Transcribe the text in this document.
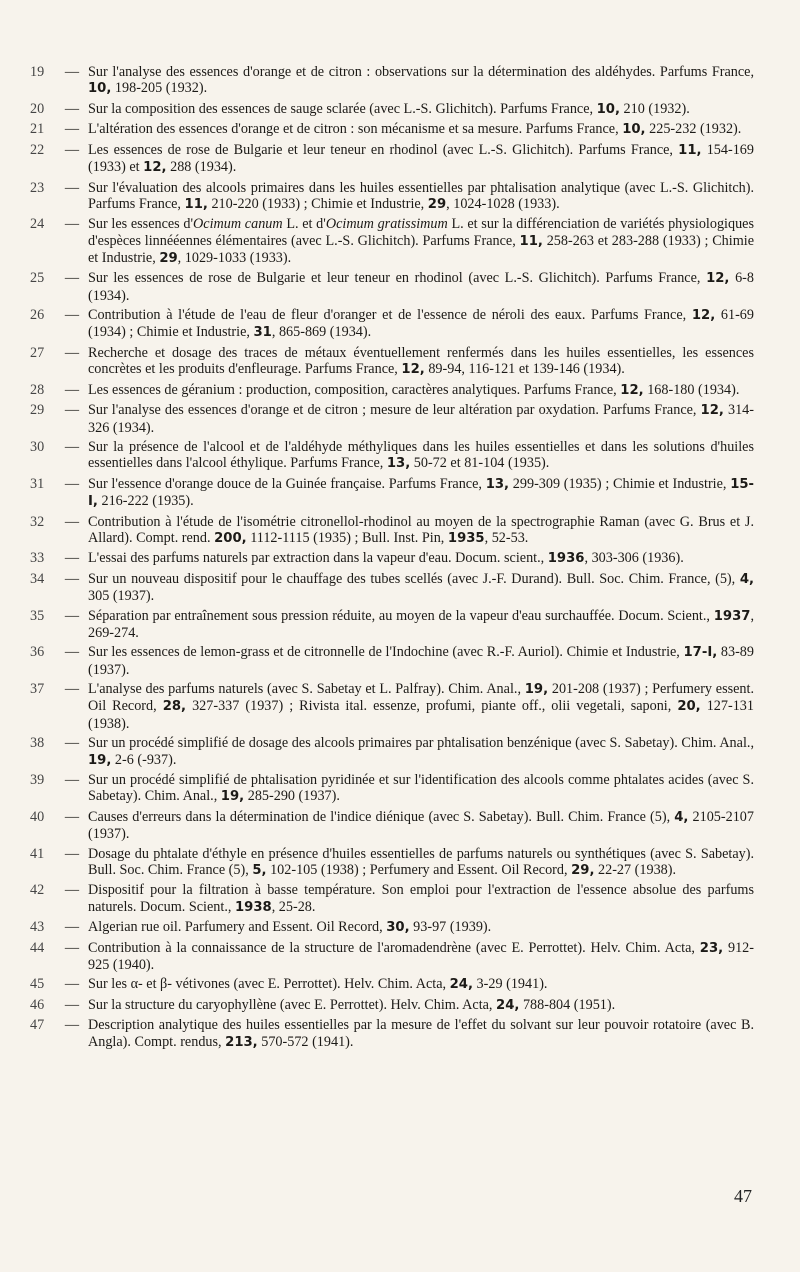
19	— Sur l'analyse des essences d'orange et de citron : observations sur la détermination des aldéhydes. Parfums France, 10, 198-205 (1932).
20	— Sur la composition des essences de sauge sclarée (avec L.-S. Glichitch). Parfums France, 10, 210 (1932).
21	— L'altération des essences d'orange et de citron : son mécanisme et sa mesure. Parfums France, 10, 225-232 (1932).
22	— Les essences de rose de Bulgarie et leur teneur en rhodinol (avec L.-S. Glichitch). Parfums France, 11, 154-169 (1933) et 12, 288 (1934).
23	— Sur l'évaluation des alcools primaires dans les huiles essentielles par phtalisation analytique (avec L.-S. Glichitch). Parfums France, 11, 210-220 (1933) ; Chimie et Industrie, 29, 1024-1028 (1933).
24	— Sur les essences d'Ocimum canum L. et d'Ocimum gratissimum L. et sur la différenciation de variétés physiologiques d'espèces linnééennes élémentaires (avec L.-S. Glichitch). Parfums France, 11, 258-263 et 283-288 (1933) ; Chimie et Industrie, 29, 1029-1033 (1933).
25	— Sur les essences de rose de Bulgarie et leur teneur en rhodinol (avec L.-S. Glichitch). Parfums France, 12, 6-8 (1934).
26	— Contribution à l'étude de l'eau de fleur d'oranger et de l'essence de néroli des eaux. Parfums France, 12, 61-69 (1934) ; Chimie et Industrie, 31, 865-869 (1934).
27	— Recherche et dosage des traces de métaux éventuellement renfermés dans les huiles essentielles, les essences concrètes et les produits d'enfleurage. Parfums France, 12, 89-94, 116-121 et 139-146 (1934).
28	— Les essences de géranium : production, composition, caractères analytiques. Parfums France, 12, 168-180 (1934).
29	— Sur l'analyse des essences d'orange et de citron ; mesure de leur altération par oxydation. Parfums France, 12, 314-326 (1934).
30	— Sur la présence de l'alcool et de l'aldéhyde méthyliques dans les huiles essentielles et dans les solutions d'huiles essentielles dans l'alcool éthylique. Parfums France, 13, 50-72 et 81-104 (1935).
31	— Sur l'essence d'orange douce de la Guinée française. Parfums France, 13, 299-309 (1935) ; Chimie et Industrie, 15-I, 216-222 (1935).
32	— Contribution à l'étude de l'isométrie citronellol-rhodinol au moyen de la spectrographie Raman (avec G. Brus et J. Allard). Compt. rend. 200, 1112-1115 (1935) ; Bull. Inst. Pin, 1935, 52-53.
33	— L'essai des parfums naturels par extraction dans la vapeur d'eau. Docum. scient., 1936, 303-306 (1936).
34	— Sur un nouveau dispositif pour le chauffage des tubes scellés (avec J.-F. Durand). Bull. Soc. Chim. France, (5), 4, 305 (1937).
35	— Séparation par entraînement sous pression réduite, au moyen de la vapeur d'eau surchauffée. Docum. Scient., 1937, 269-274.
36	— Sur les essences de lemon-grass et de citronnelle de l'Indochine (avec R.-F. Auriol). Chimie et Industrie, 17-I, 83-89 (1937).
37	— L'analyse des parfums naturels (avec S. Sabetay et L. Palfray). Chim. Anal., 19, 201-208 (1937) ; Perfumery essent. Oil Record, 28, 327-337 (1937) ; Rivista ital. essenze, profumi, piante off., olii vegetali, saponi, 20, 127-131 (1938).
38	— Sur un procédé simplifié de dosage des alcools primaires par phtalisation benzénique (avec S. Sabetay). Chim. Anal., 19, 2-6 (-937).
39	— Sur un procédé simplifié de phtalisation pyridinée et sur l'identification des alcools comme phtalates acides (avec S. Sabetay). Chim. Anal., 19, 285-290 (1937).
40	— Causes d'erreurs dans la détermination de l'indice diénique (avec S. Sabetay). Bull. Chim. France (5), 4, 2105-2107 (1937).
41	— Dosage du phtalate d'éthyle en présence d'huiles essentielles de parfums naturels ou synthétiques (avec S. Sabetay). Bull. Soc. Chim. France (5), 5, 102-105 (1938) ; Perfumery and Essent. Oil Record, 29, 22-27 (1938).
42	— Dispositif pour la filtration à basse température. Son emploi pour l'extraction de l'essence absolue des parfums naturels. Docum. Scient., 1938, 25-28.
43	— Algerian rue oil. Parfumery and Essent. Oil Record, 30, 93-97 (1939).
44	— Contribution à la connaissance de la structure de l'aromadendrène (avec E. Perrottet). Helv. Chim. Acta, 23, 912-925 (1940).
45	— Sur les α- et β- vétivones (avec E. Perrottet). Helv. Chim. Acta, 24, 3-29 (1941).
46	— Sur la structure du caryophyllène (avec E. Perrottet). Helv. Chim. Acta, 24, 788-804 (1951).
47	— Description analytique des huiles essentielles par la mesure de l'effet du solvant sur leur pouvoir rotatoire (avec B. Angla). Compt. rendus, 213, 570-572 (1941).
47
